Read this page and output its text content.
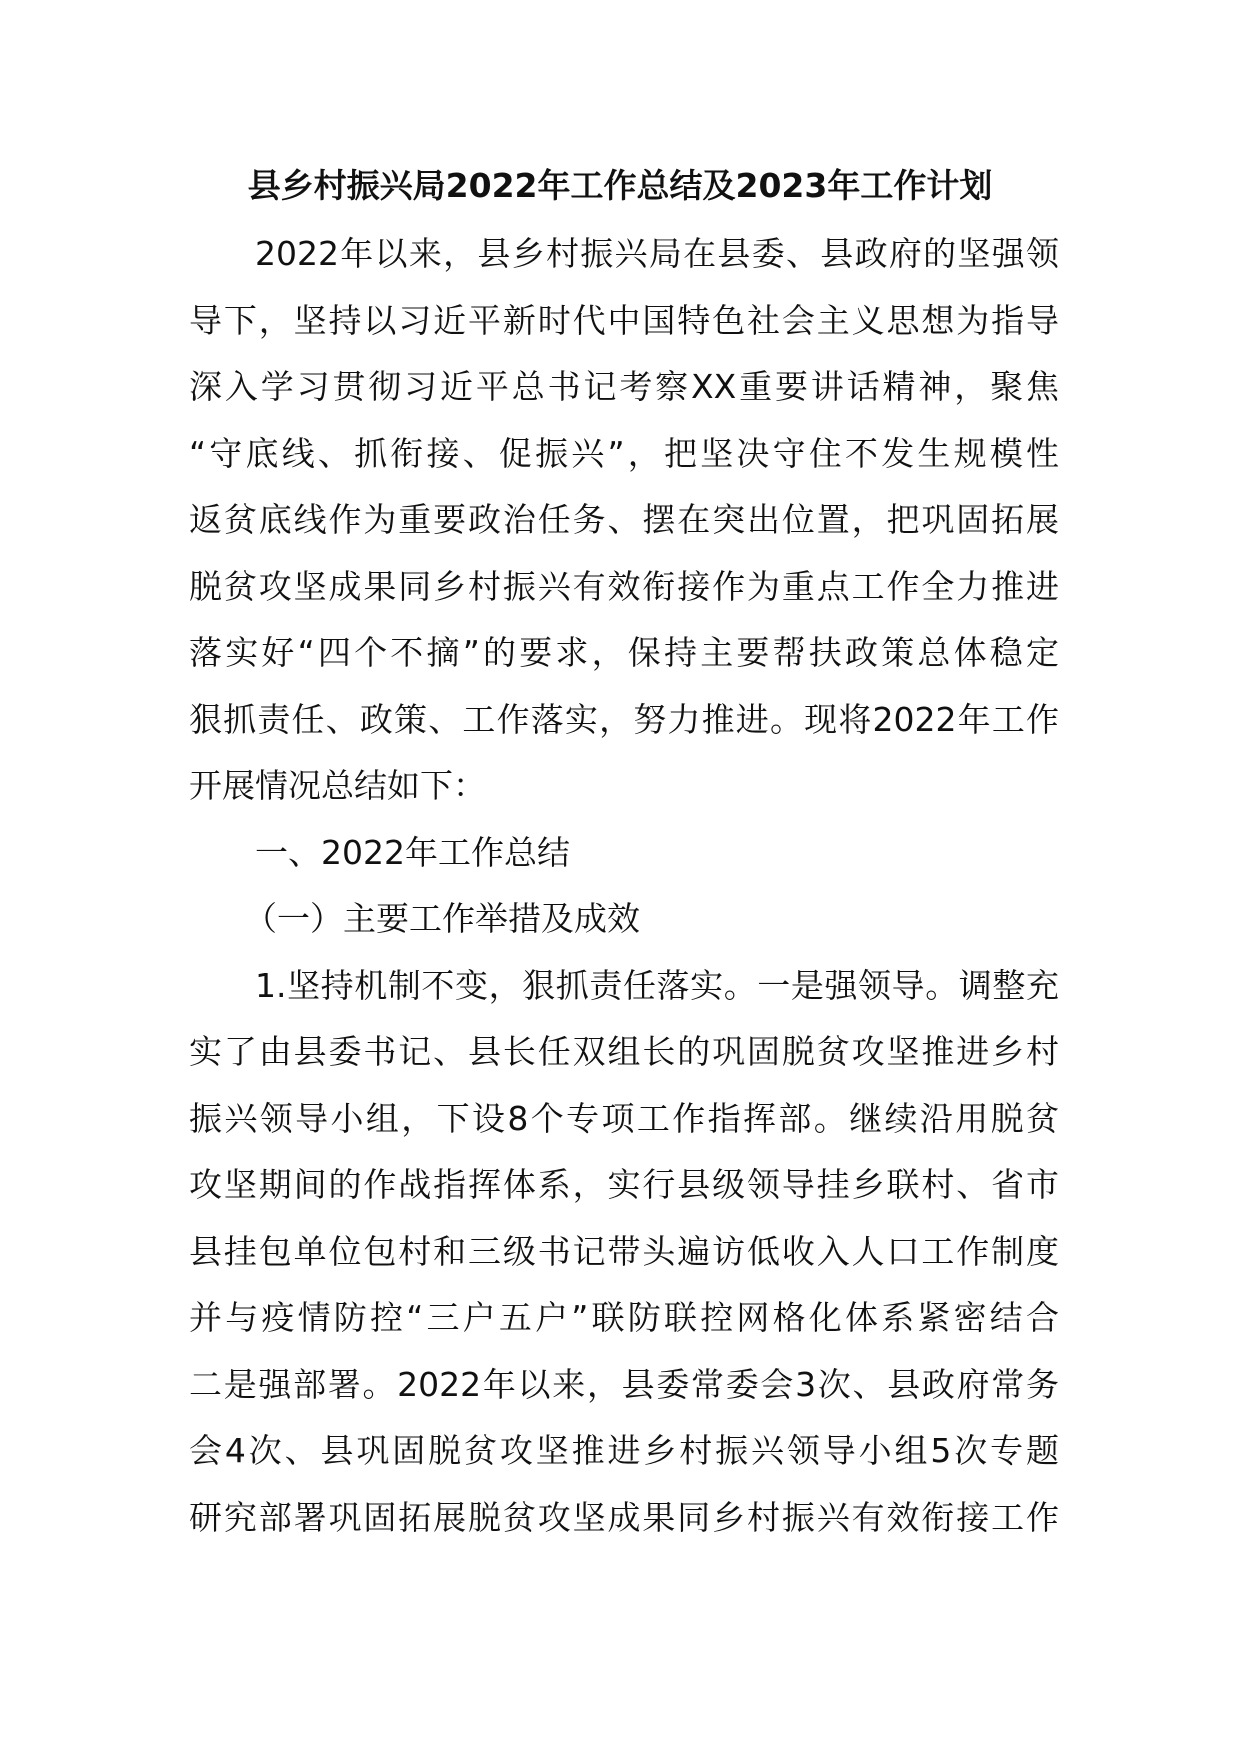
县乡村振兴局2022年工作总结及2023年工作计划
2022年以来，县乡村振兴局在县委、县政府的坚强领
导下，坚持以习近平新时代中国特色社会主义思想为指导
深入学习贯彻习近平总书记考察XX重要讲话精神，聚焦
“守底线、抓衔接、促振兴”，把坚决守住不发生规模性
返贫底线作为重要政治任务、摆在突出位置，把巩固拓展
脱贫攻坚成果同乡村振兴有效衔接作为重点工作全力推进
落实好“四个不摘”的要求，保持主要帮扶政策总体稳定
狠抓责任、政策、工作落实，努力推进。现将2022年工作
开展情况总结如下：
一、2022年工作总结
（一）主要工作举措及成效
1.坚持机制不变，狠抓责任落实。一是强领导。调整充
实了由县委书记、县长任双组长的巩固脱贫攻坚推进乡村
振兴领导小组，下设8个专项工作指挥部。继续沿用脱贫
攻坚期间的作战指挥体系，实行县级领导挂乡联村、省市
县挂包单位包村和三级书记带头遍访低收入人口工作制度
并与疫情防控“三户五户”联防联控网格化体系紧密结合
二是强部署。2022年以来，县委常委会3次、县政府常务
会4次、县巩固脱贫攻坚推进乡村振兴领导小组5次专题
研究部署巩固拓展脱贫攻坚成果同乡村振兴有效衔接工作
